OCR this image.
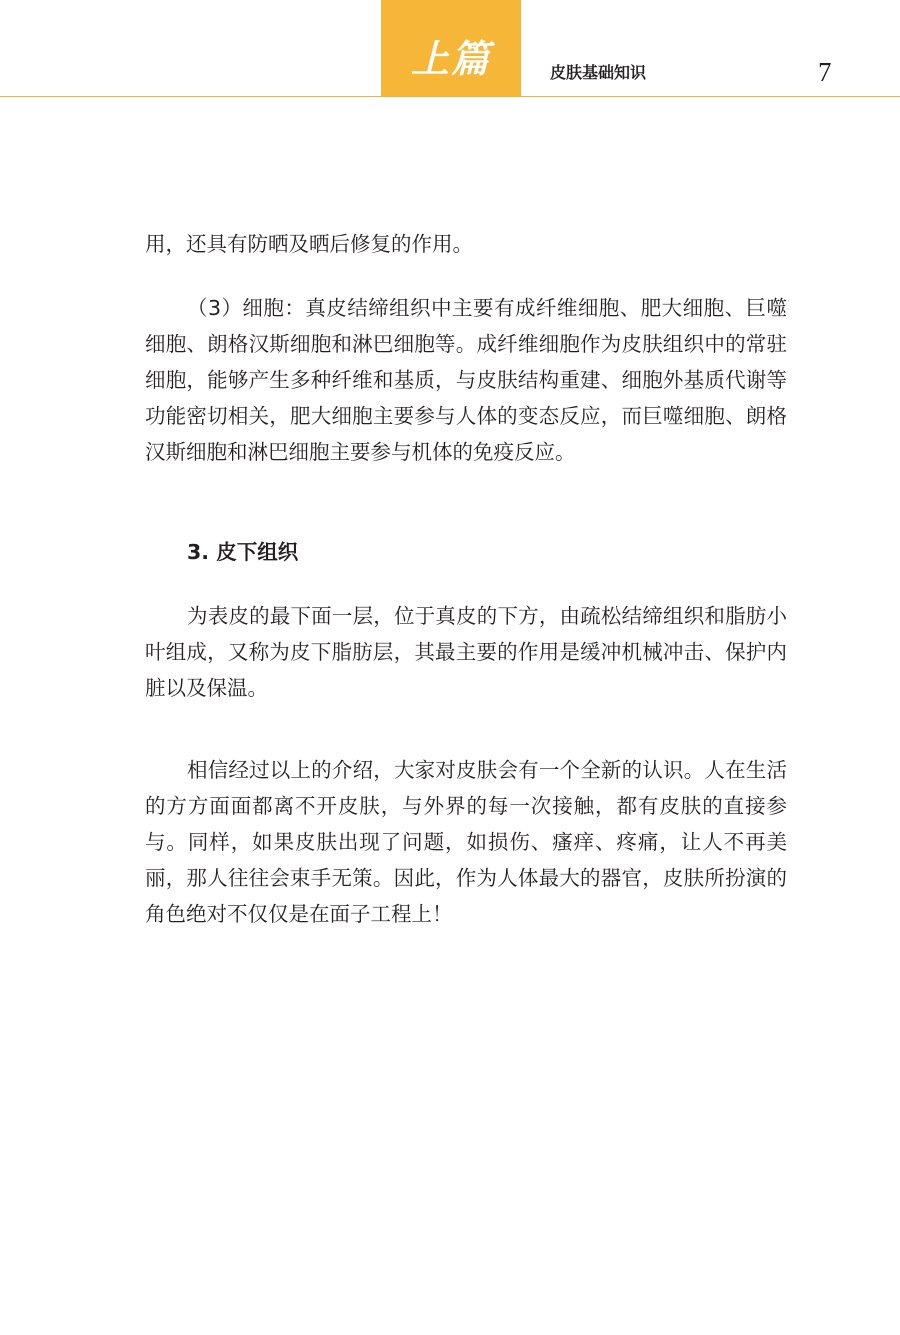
上篇	皮肤基础知识	7

用，还具有防晒及晒后修复的作用。

（3）细胞：真皮结缔组织中主要有成纤维细胞、肥大细胞、巨噬细胞、朗格汉斯细胞和淋巴细胞等。成纤维细胞作为皮肤组织中的常驻细胞，能够产生多种纤维和基质，与皮肤结构重建、细胞外基质代谢等功能密切相关，肥大细胞主要参与人体的变态反应，而巨噬细胞、朗格汉斯细胞和淋巴细胞主要参与机体的免疫反应。

3. 皮下组织

为表皮的最下面一层，位于真皮的下方，由疏松结缔组织和脂肪小叶组成，又称为皮下脂肪层，其最主要的作用是缓冲机械冲击、保护内脏以及保温。

相信经过以上的介绍，大家对皮肤会有一个全新的认识。人在生活的方方面面都离不开皮肤，与外界的每一次接触，都有皮肤的直接参与。同样，如果皮肤出现了问题，如损伤、瘙痒、疼痛，让人不再美丽，那人往往会束手无策。因此，作为人体最大的器官，皮肤所扮演的角色绝对不仅仅是在面子工程上！
